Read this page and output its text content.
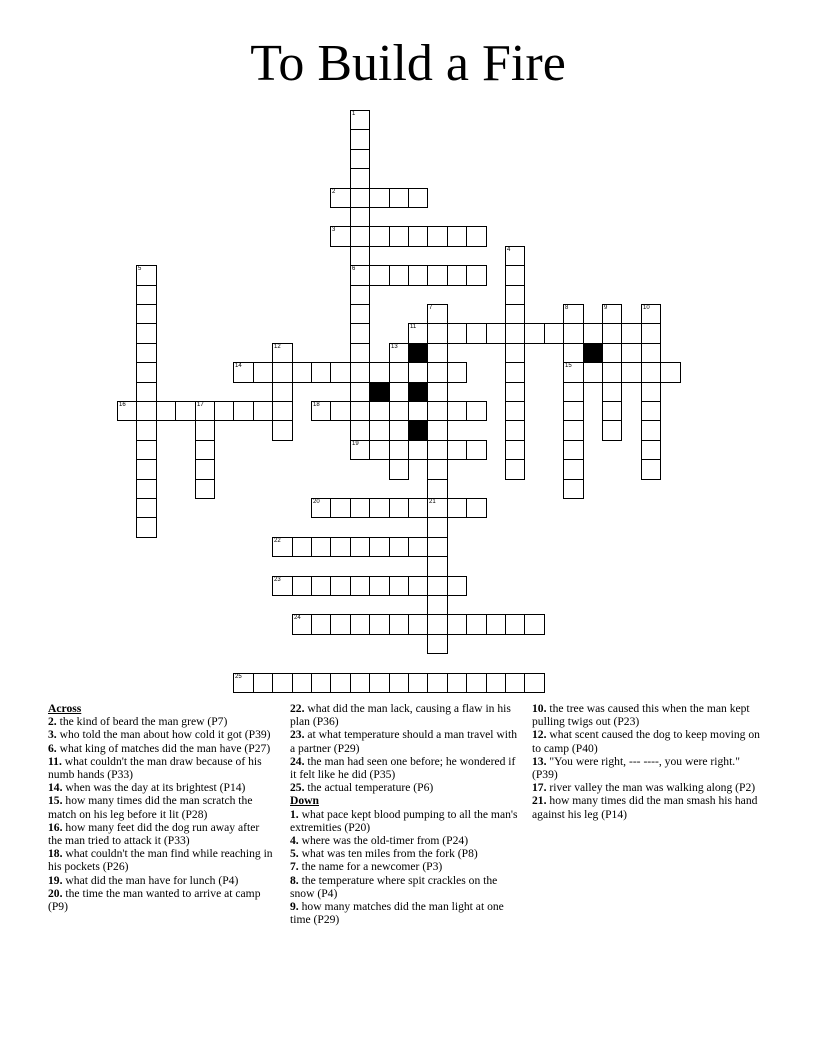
To Build a Fire
1
6
19
2
3
4
5
7	8
15
9	10
11
12	13
14
16	17	18
20	21
22
23
24
25
Across
2. the kind of beard the man grew (P7)
3. who told the man about how cold it got (P39)
6. what king of matches did the man have (P27)
11. what couldn't the man draw because of his numb hands (P33)
14. when was the day at its brightest (P14)
15. how many times did the man scratch the match on his leg before it lit (P28)
16. how many feet did the dog run away after the man tried to attack it (P33)
18. what couldn't the man find while reaching in his pockets (P26)
19. what did the man have for lunch (P4)
20. the time the man wanted to arrive at camp (P9)
22. what did the man lack, causing a flaw in his plan (P36)
23. at what temperature should a man travel with a partner (P29)
24. the man had seen one before; he wondered if it felt like he did (P35)
25. the actual temperature (P6)
Down
1. what pace kept blood pumping to all the man's extremities (P20)
4. where was the old-timer from (P24)
5. what was ten miles from the fork (P8)
7. the name for a newcomer (P3)
8. the temperature where spit crackles on the snow (P4)
9. how many matches did the man light at one time (P29)
10. the tree was caused this when the man kept pulling twigs out (P23)
12. what scent caused the dog to keep moving on to camp (P40)
13. "You were right, --- ----, you were right." (P39)
17. river valley the man was walking along (P2)
21. how many times did the man smash his hand against his leg (P14)
